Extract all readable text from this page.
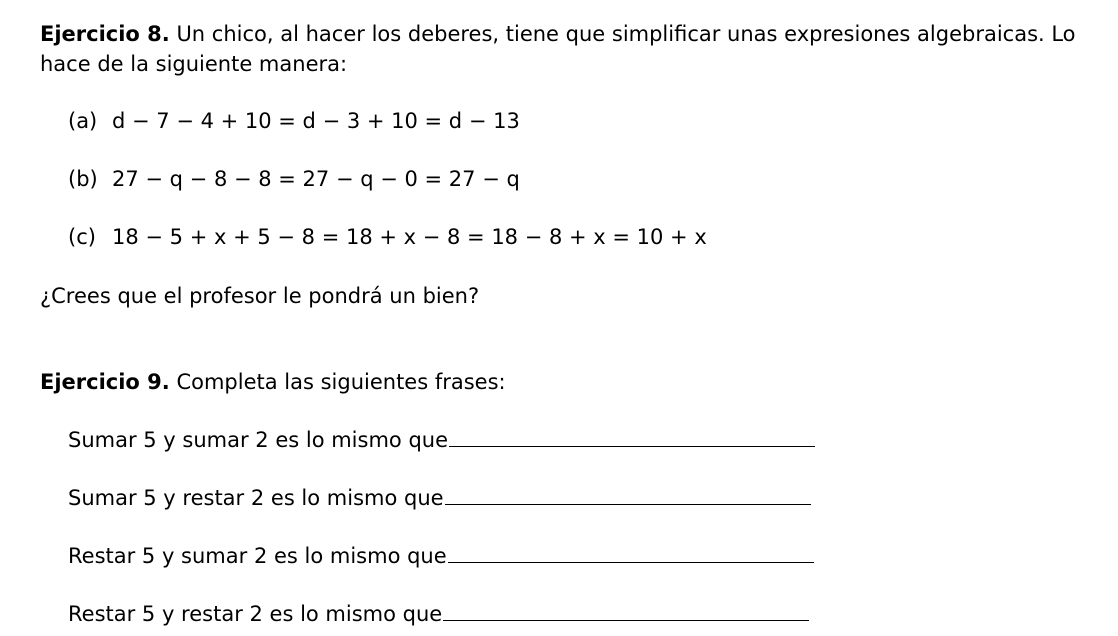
Ejercicio 8. Un chico, al hacer los deberes, tiene que simplificar unas expresiones algebraicas. Lo
hace de la siguiente manera:
(a) d − 7 − 4 + 10 = d − 3 + 10 = d − 13
(b) 27 − q − 8 − 8 = 27 − q − 0 = 27 − q
(c) 18 − 5 + x + 5 − 8 = 18 + x − 8 = 18 − 8 + x = 10 + x
¿Crees que el profesor le pondrá un bien?
Ejercicio 9. Completa las siguientes frases:
Sumar 5 y sumar 2 es lo mismo que
Sumar 5 y restar 2 es lo mismo que
Restar 5 y sumar 2 es lo mismo que
Restar 5 y restar 2 es lo mismo que
